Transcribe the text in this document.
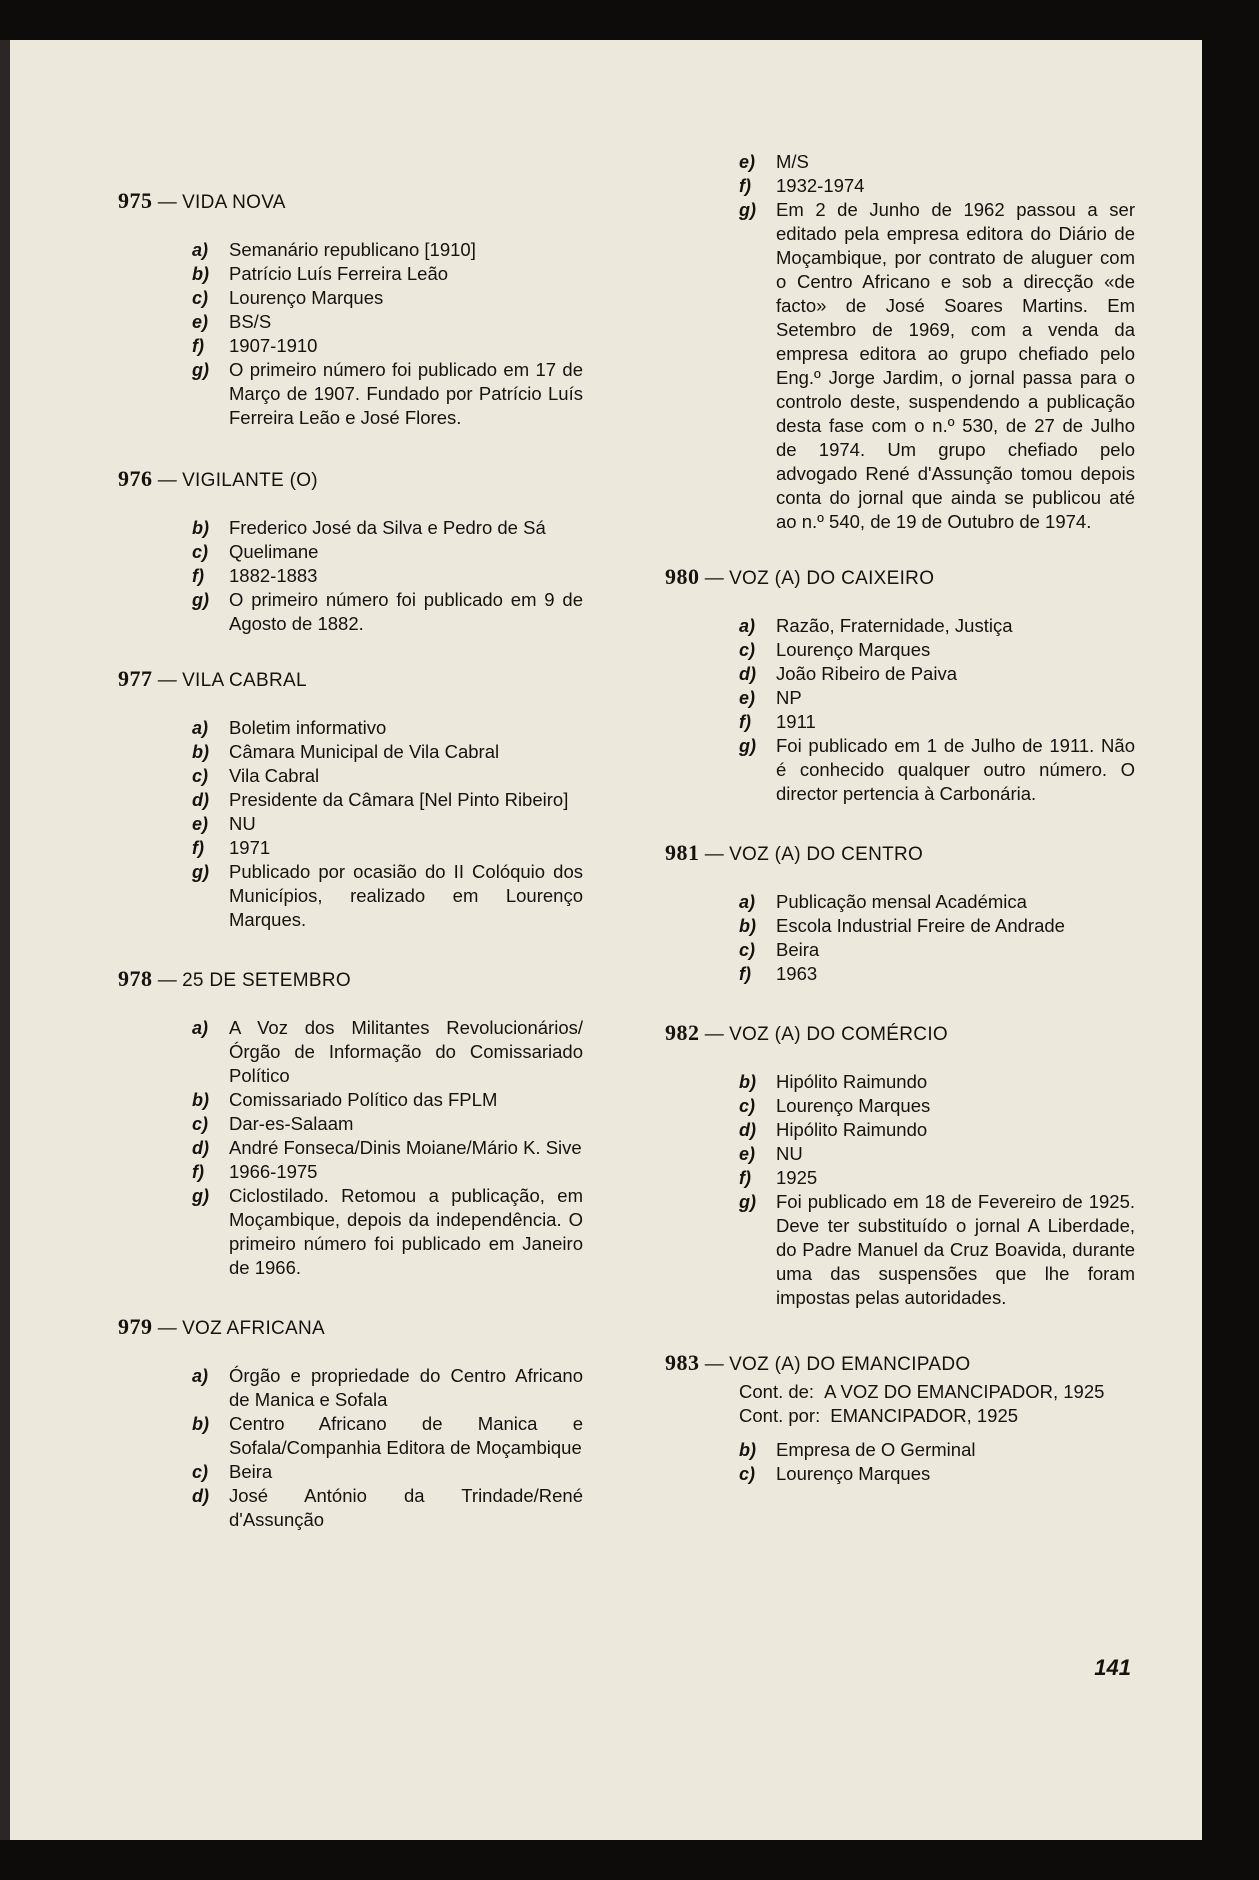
975 — VIDA NOVA
a)	Semanário republicano [1910]
b)	Patrício Luís Ferreira Leão
c)	Lourenço Marques
e)	BS/S
f)	1907-1910
g)	O primeiro número foi publicado em 17 de Março de 1907. Fundado por Patrício Luís Ferreira Leão e José Flores.
976 — VIGILANTE (O)
b)	Frederico José da Silva e Pedro de Sá
c)	Quelimane
f)	1882-1883
g)	O primeiro número foi publicado em 9 de Agosto de 1882.
977 — VILA CABRAL
a)	Boletim informativo
b)	Câmara Municipal de Vila Cabral
c)	Vila Cabral
d)	Presidente da Câmara [Nel Pinto Ribeiro]
e)	NU
f)	1971
g)	Publicado por ocasião do II Colóquio dos Municípios, realizado em Lourenço Marques.
978 — 25 DE SETEMBRO
a)	A Voz dos Militantes Revolucionários/Órgão de Informação do Comissariado Político
b)	Comissariado Político das FPLM
c)	Dar-es-Salaam
d)	André Fonseca/Dinis Moiane/Mário K. Sive
f)	1966-1975
g)	Ciclostilado. Retomou a publicação, em Moçambique, depois da independência. O primeiro número foi publicado em Janeiro de 1966.
979 — VOZ AFRICANA
a)	Órgão e propriedade do Centro Africano de Manica e Sofala
b)	Centro Africano de Manica e Sofala/Companhia Editora de Moçambique
c)	Beira
d)	José António da Trindade/René d'Assunção
e)	M/S
f)	1932-1974
g)	Em 2 de Junho de 1962 passou a ser editado pela empresa editora do Diário de Moçambique, por contrato de aluguer com o Centro Africano e sob a direcção «de facto» de José Soares Martins. Em Setembro de 1969, com a venda da empresa editora ao grupo chefiado pelo Eng.º Jorge Jardim, o jornal passa para o controlo deste, suspendendo a publicação desta fase com o n.º 530, de 27 de Julho de 1974. Um grupo chefiado pelo advogado René d'Assunção tomou depois conta do jornal que ainda se publicou até ao n.º 540, de 19 de Outubro de 1974.
980 — VOZ (A) DO CAIXEIRO
a)	Razão, Fraternidade, Justiça
c)	Lourenço Marques
d)	João Ribeiro de Paiva
e)	NP
f)	1911
g)	Foi publicado em 1 de Julho de 1911. Não é conhecido qualquer outro número. O director pertencia à Carbonária.
981 — VOZ (A) DO CENTRO
a)	Publicação mensal Académica
b)	Escola Industrial Freire de Andrade
c)	Beira
f)	1963
982 — VOZ (A) DO COMÉRCIO
b)	Hipólito Raimundo
c)	Lourenço Marques
d)	Hipólito Raimundo
e)	NU
f)	1925
g)	Foi publicado em 18 de Fevereiro de 1925. Deve ter substituído o jornal A Liberdade, do Padre Manuel da Cruz Boavida, durante uma das suspensões que lhe foram impostas pelas autoridades.
983 — VOZ (A) DO EMANCIPADO
Cont. de: A VOZ DO EMANCIPADOR, 1925
Cont. por: EMANCIPADOR, 1925
b)	Empresa de O Germinal
c)	Lourenço Marques
141
